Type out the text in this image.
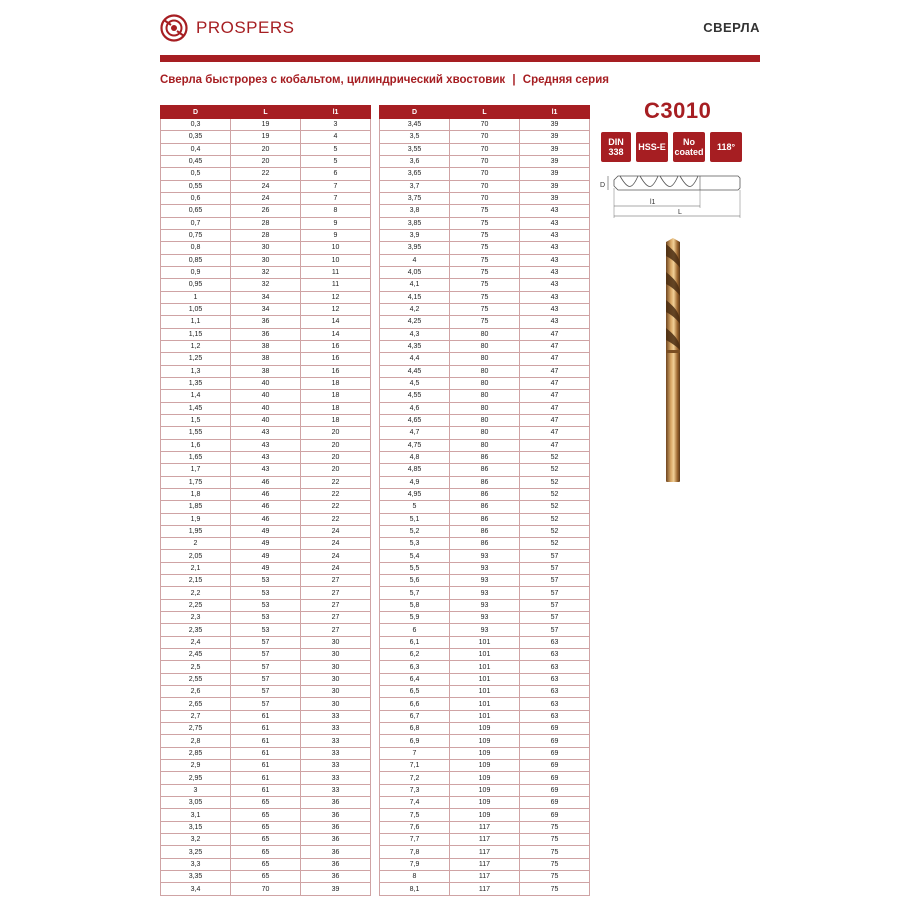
PROSPERS	СВЕРЛА
Сверла быстрорез с кобальтом, цилиндрический хвостовик | Средняя серия
D	L	l1
0,3	19	3
0,35	19	4
0,4	20	5
0,45	20	5
0,5	22	6
0,55	24	7
0,6	24	7
0,65	26	8
0,7	28	9
0,75	28	9
0,8	30	10
0,85	30	10
0,9	32	11
0,95	32	11
1	34	12
1,05	34	12
1,1	36	14
1,15	36	14
1,2	38	16
1,25	38	16
1,3	38	16
1,35	40	18
1,4	40	18
1,45	40	18
1,5	40	18
1,55	43	20
1,6	43	20
1,65	43	20
1,7	43	20
1,75	46	22
1,8	46	22
1,85	46	22
1,9	46	22
1,95	49	24
2	49	24
2,05	49	24
2,1	49	24
2,15	53	27
2,2	53	27
2,25	53	27
2,3	53	27
2,35	53	27
2,4	57	30
2,45	57	30
2,5	57	30
2,55	57	30
2,6	57	30
2,65	57	30
2,7	61	33
2,75	61	33
2,8	61	33
2,85	61	33
2,9	61	33
2,95	61	33
3	61	33
3,05	65	36
3,1	65	36
3,15	65	36
3,2	65	36
3,25	65	36
3,3	65	36
3,35	65	36
3,4	70	39
D	L	l1
3,45	70	39
3,5	70	39
3,55	70	39
3,6	70	39
3,65	70	39
3,7	70	39
3,75	70	39
3,8	75	43
3,85	75	43
3,9	75	43
3,95	75	43
4	75	43
4,05	75	43
4,1	75	43
4,15	75	43
4,2	75	43
4,25	75	43
4,3	80	47
4,35	80	47
4,4	80	47
4,45	80	47
4,5	80	47
4,55	80	47
4,6	80	47
4,65	80	47
4,7	80	47
4,75	80	47
4,8	86	52
4,85	86	52
4,9	86	52
4,95	86	52
5	86	52
5,1	86	52
5,2	86	52
5,3	86	52
5,4	93	57
5,5	93	57
5,6	93	57
5,7	93	57
5,8	93	57
5,9	93	57
6	93	57
6,1	101	63
6,2	101	63
6,3	101	63
6,4	101	63
6,5	101	63
6,6	101	63
6,7	101	63
6,8	109	69
6,9	109	69
7	109	69
7,1	109	69
7,2	109	69
7,3	109	69
7,4	109	69
7,5	109	69
7,6	117	75
7,7	117	75
7,8	117	75
7,9	117	75
8	117	75
8,1	117	75
C3010
DIN
338 HSS-E	No
coated 118°
D
l1
L
